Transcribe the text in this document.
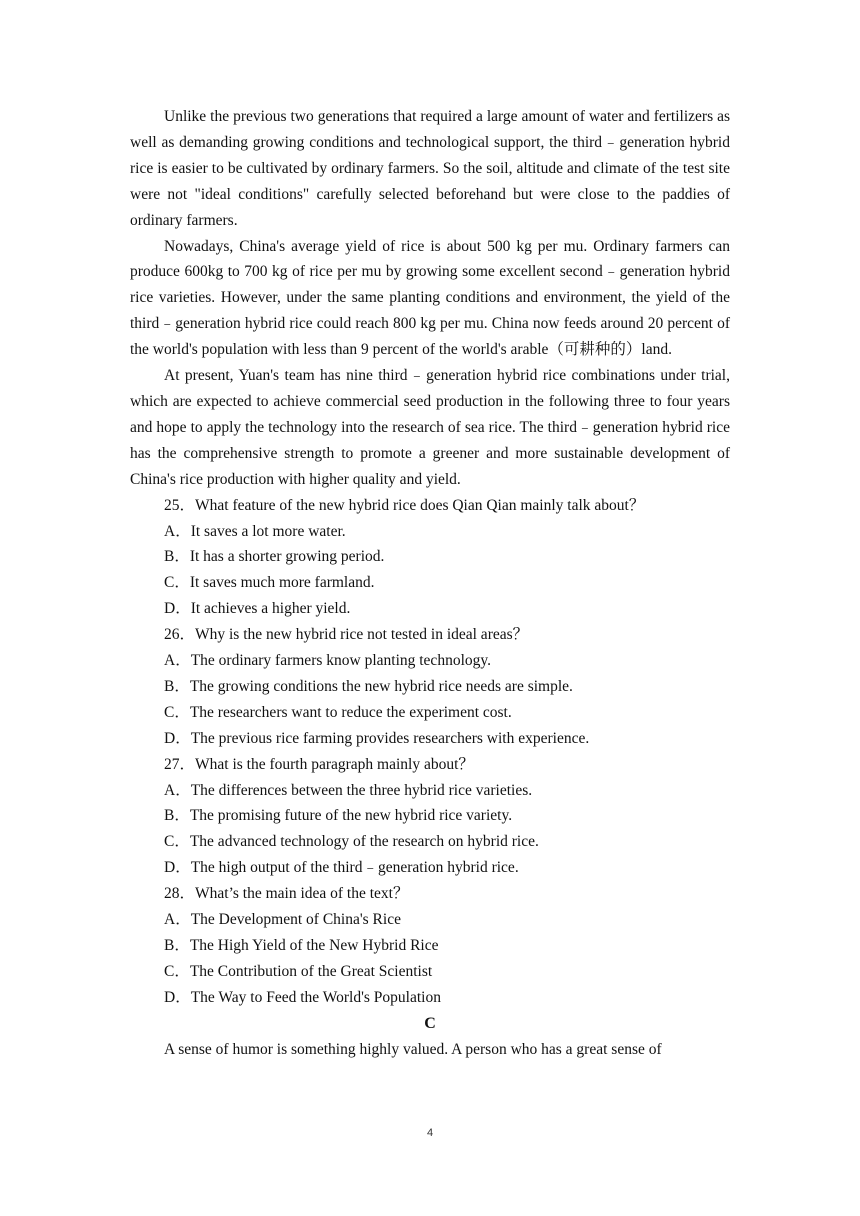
Unlike the previous two generations that required a large amount of water and fertilizers as well as demanding growing conditions and technological support, the third﹣generation hybrid rice is easier to be cultivated by ordinary farmers. So the soil, altitude and climate of the test site were not "ideal conditions" carefully selected beforehand but were close to the paddies of ordinary farmers.

Nowadays, China's average yield of rice is about 500 kg per mu. Ordinary farmers can produce 600kg to 700 kg of rice per mu by growing some excellent second﹣generation hybrid rice varieties. However, under the same planting conditions and environment, the yield of the third﹣generation hybrid rice could reach 800 kg per mu. China now feeds around 20 percent of the world's population with less than 9 percent of the world's arable（可耕种的）land.

At present, Yuan's team has nine third﹣generation hybrid rice combinations under trial, which are expected to achieve commercial seed production in the following three to four years and hope to apply the technology into the research of sea rice. The third﹣generation hybrid rice has the comprehensive strength to promote a greener and more sustainable development of China's rice production with higher quality and yield.

25．What feature of the new hybrid rice does Qian Qian mainly talk about？

A．It saves a lot more water.

B．It has a shorter growing period.

C．It saves much more farmland.

D．It achieves a higher yield.

26．Why is the new hybrid rice not tested in ideal areas？

A．The ordinary farmers know planting technology.

B．The growing conditions the new hybrid rice needs are simple.

C．The researchers want to reduce the experiment cost.

D．The previous rice farming provides researchers with experience.

27．What is the fourth paragraph mainly about？

A．The differences between the three hybrid rice varieties.

B．The promising future of the new hybrid rice variety.

C．The advanced technology of the research on hybrid rice.

D．The high output of the third﹣generation hybrid rice.

28．What’s the main idea of the text？

A．The Development of China's Rice

B．The High Yield of the New Hybrid Rice

C．The Contribution of the Great Scientist

D．The Way to Feed the World's Population

C

A sense of humor is something highly valued. A person who has a great sense of

4
